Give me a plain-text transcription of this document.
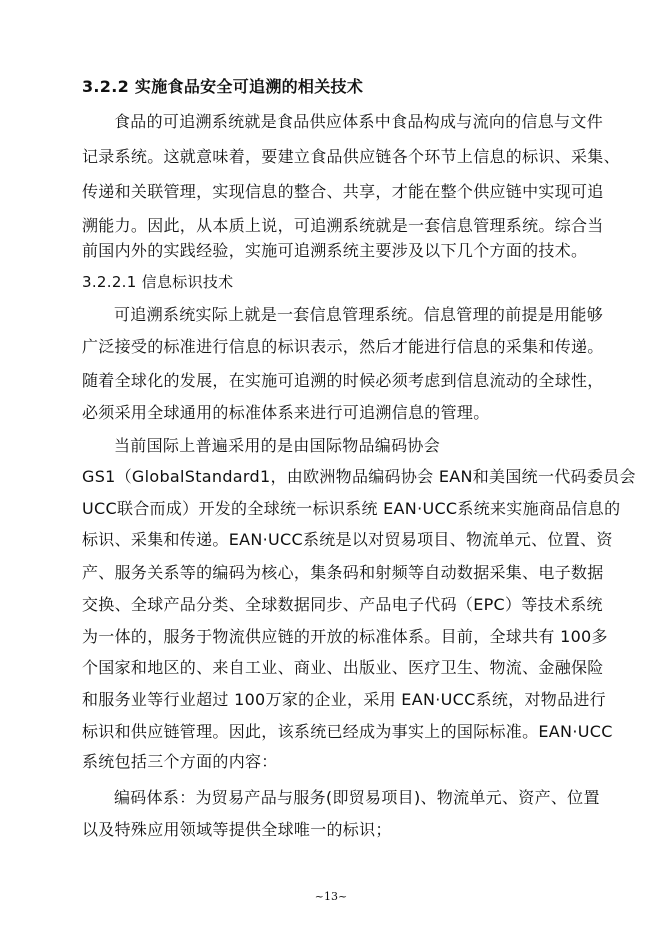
3.2.2 实施食品安全可追溯的相关技术
食品的可追溯系统就是食品供应体系中食品构成与流向的信息与文件
记录系统。这就意味着，要建立食品供应链各个环节上信息的标识、采集、
传递和关联管理，实现信息的整合、共享，才能在整个供应链中实现可追
溯能力。因此，从本质上说，可追溯系统就是一套信息管理系统。综合当
前国内外的实践经验，实施可追溯系统主要涉及以下几个方面的技术。
3.2.2.1 信息标识技术
可追溯系统实际上就是一套信息管理系统。信息管理的前提是用能够
广泛接受的标准进行信息的标识表示，然后才能进行信息的采集和传递。
随着全球化的发展，在实施可追溯的时候必须考虑到信息流动的全球性，
必须采用全球通用的标准体系来进行可追溯信息的管理。
当前国际上普遍采用的是由国际物品编码协会
GS1（GlobalStandard1，由欧洲物品编码协会 EAN和美国统一代码委员会
UCC联合而成）开发的全球统一标识系统 EAN·UCC系统来实施商品信息的
标识、采集和传递。EAN·UCC系统是以对贸易项目、物流单元、位置、资
产、服务关系等的编码为核心，集条码和射频等自动数据采集、电子数据
交换、全球产品分类、全球数据同步、产品电子代码（EPC）等技术系统
为一体的，服务于物流供应链的开放的标准体系。目前，全球共有 100多
个国家和地区的、来自工业、商业、出版业、医疗卫生、物流、金融保险
和服务业等行业超过 100万家的企业，采用 EAN·UCC系统，对物品进行
标识和供应链管理。因此，该系统已经成为事实上的国际标准。EAN·UCC
系统包括三个方面的内容：
编码体系：为贸易产品与服务(即贸易项目)、物流单元、资产、位置
以及特殊应用领域等提供全球唯一的标识；
~13~
